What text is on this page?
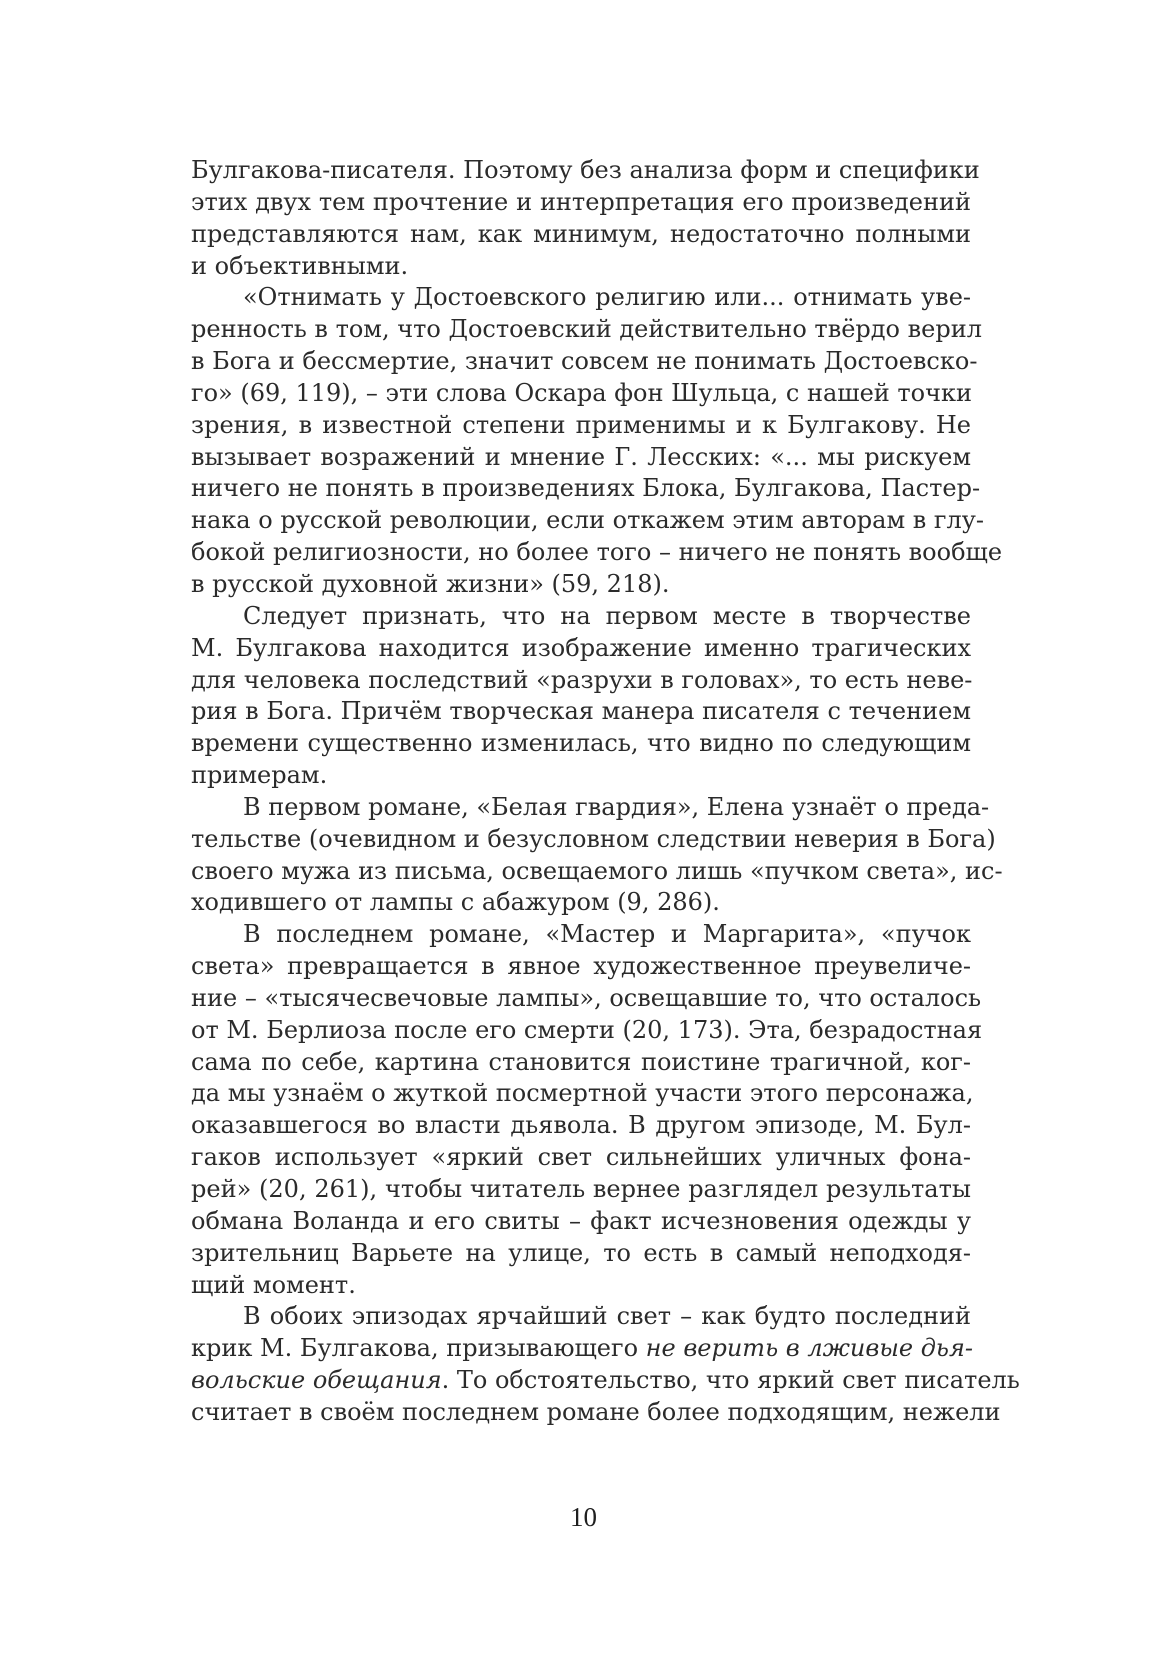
Булгакова-писателя. Поэтому без анализа форм и специфики
этих двух тем прочтение и интерпретация его произведений
представляются нам, как минимум, недостаточно полными
и объективными.
«Отнимать у Достоевского религию или... отнимать уве-
ренность в том, что Достоевский действительно твёрдо верил
в Бога и бессмертие, значит совсем не понимать Достоевско-
го» (69, 119), – эти слова Оскара фон Шульца, с нашей точки
зрения, в известной степени применимы и к Булгакову. Не
вызывает возражений и мнение Г. Лесских: «... мы рискуем
ничего не понять в произведениях Блока, Булгакова, Пастер-
нака о русской революции, если откажем этим авторам в глу-
бокой религиозности, но более того – ничего не понять вообще
в русской духовной жизни» (59, 218).
Следует признать, что на первом месте в творчестве
М. Булгакова находится изображение именно трагических
для человека последствий «разрухи в головах», то есть неве-
рия в Бога. Причём творческая манера писателя с течением
времени существенно изменилась, что видно по следующим
примерам.
В первом романе, «Белая гвардия», Елена узнаёт о преда-
тельстве (очевидном и безусловном следствии неверия в Бога)
своего мужа из письма, освещаемого лишь «пучком света», ис-
ходившего от лампы с абажуром (9, 286).
В последнем романе, «Мастер и Маргарита», «пучок
света» превращается в явное художественное преувеличе-
ние – «тысячесвечовые лампы», освещавшие то, что осталось
от М. Берлиоза после его смерти (20, 173). Эта, безрадостная
сама по себе, картина становится поистине трагичной, ког-
да мы узнаём о жуткой посмертной участи этого персонажа,
оказавшегося во власти дьявола. В другом эпизоде, М. Бул-
гаков использует «яркий свет сильнейших уличных фона-
рей» (20, 261), чтобы читатель вернее разглядел результаты
обмана Воланда и его свиты – факт исчезновения одежды у
зрительниц Варьете на улице, то есть в самый неподходя-
щий момент.
В обоих эпизодах ярчайший свет – как будто последний
крик М. Булгакова, призывающего не верить в лживые дья-
вольские обещания. То обстоятельство, что яркий свет писатель
считает в своём последнем романе более подходящим, нежели
10
